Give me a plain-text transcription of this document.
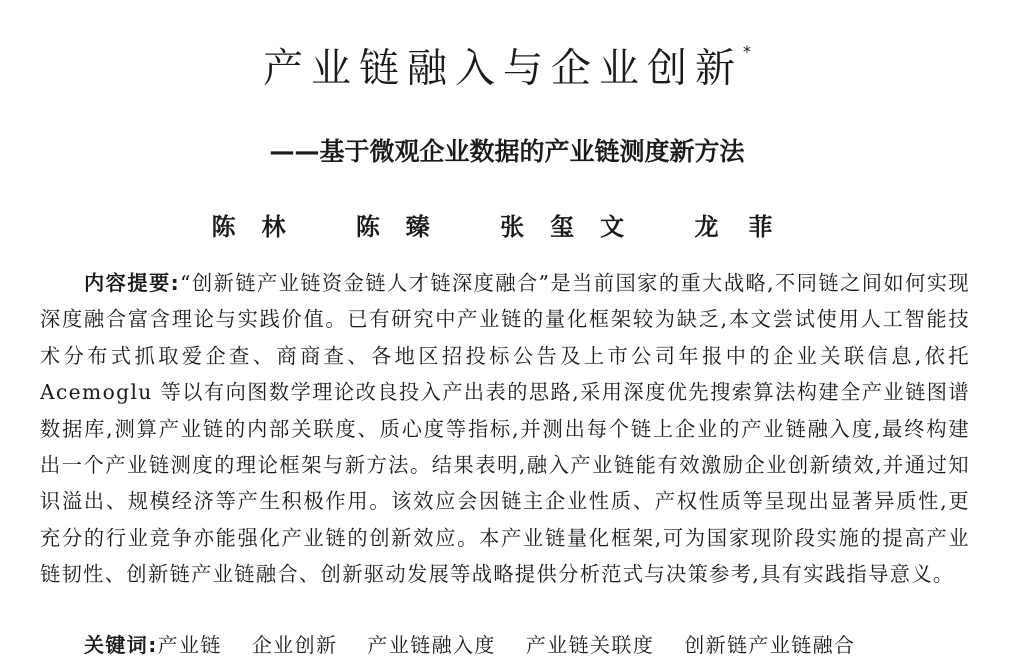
产业链融入与企业创新*
——基于微观企业数据的产业链测度新方法
陈林 陈臻 张玺文 龙菲

内容提要:“创新链产业链资金链人才链深度融合”是当前国家的重大战略,不同链之间如何实现深度融合富含理论与实践价值。已有研究中产业链的量化框架较为缺乏,本文尝试使用人工智能技术分布式抓取爱企查、商商查、各地区招投标公告及上市公司年报中的企业关联信息,依托 Acemoglu 等以有向图数学理论改良投入产出表的思路,采用深度优先搜索算法构建全产业链图谱数据库,测算产业链的内部关联度、质心度等指标,并测出每个链上企业的产业链融入度,最终构建出一个产业链测度的理论框架与新方法。结果表明,融入产业链能有效激励企业创新绩效,并通过知识溢出、规模经济等产生积极作用。该效应会因链主企业性质、产权性质等呈现出显著异质性,更充分的行业竞争亦能强化产业链的创新效应。本产业链量化框架,可为国家现阶段实施的提高产业链韧性、创新链产业链融合、创新驱动发展等战略提供分析范式与决策参考,具有实践指导意义。

关键词:产业链 企业创新 产业链融入度 产业链关联度 创新链产业链融合
